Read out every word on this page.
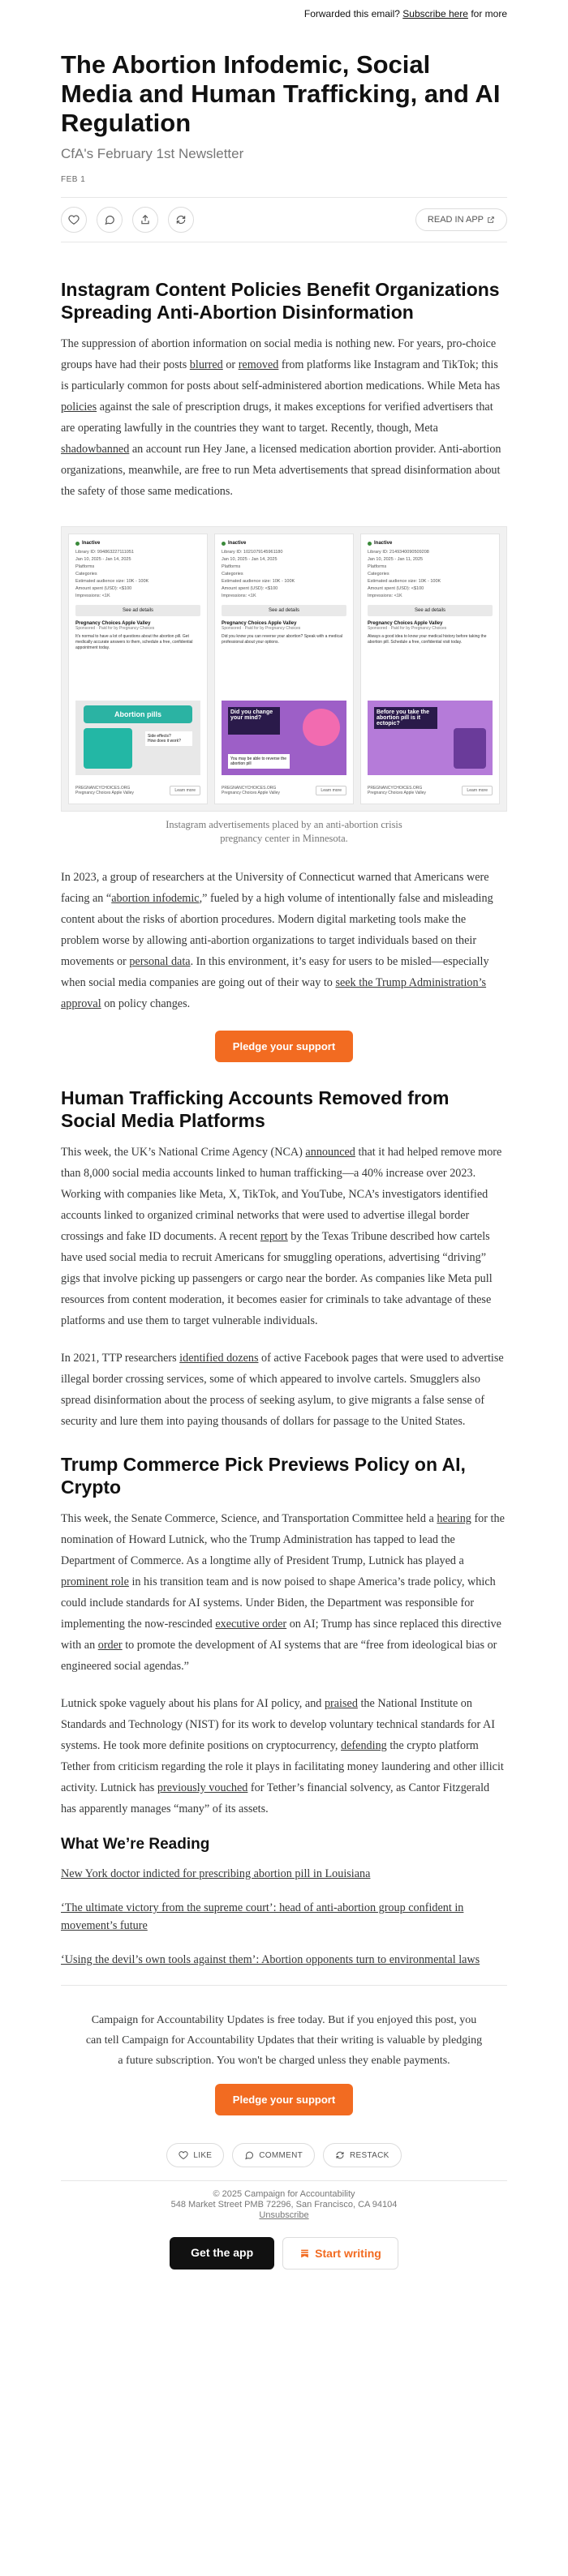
Forwarded this email? Subscribe here for more
The Abortion Infodemic, Social Media and Human Trafficking, and AI Regulation
CfA's February 1st Newsletter
FEB 1
READ IN APP
Instagram Content Policies Benefit Organizations Spreading Anti-Abortion Disinformation

The suppression of abortion information on social media is nothing new. For years, pro-choice groups have had their posts blurred or removed from platforms like Instagram and TikTok; this is particularly common for posts about self-administered abortion medications. While Meta has policies against the sale of prescription drugs, it makes exceptions for verified advertisers that are operating lawfully in the countries they want to target. Recently, though, Meta shadowbanned an account run Hey Jane, a licensed medication abortion provider. Anti-abortion organizations, meanwhile, are free to run Meta advertisements that spread disinformation about the safety of those same medications.

Inactive
Library ID: 994863227111051
Jan 10, 2025 - Jan 14, 2025
Platforms
Categories
Estimated audience size: 10K - 100K
Amount spent (USD): <$100
Impressions: <1K
See ad details
Pregnancy Choices Apple Valley
Sponsored · Paid for by Pregnancy Choices
It's normal to have a lot of questions about the abortion pill. Get medically accurate answers to them, schedule a free, confidential appointment today.
Abortion pills
Side effects?
How does it work?
PREGNANCYCHOICES.ORG
Pregnancy Choices Apple Valley	Learn more
Inactive
Library ID: 1021079145961180
Jan 10, 2025 - Jan 14, 2025
Platforms
Categories
Estimated audience size: 10K - 100K
Amount spent (USD): <$100
Impressions: <1K
See ad details
Pregnancy Choices Apple Valley
Sponsored · Paid for by Pregnancy Choices
Did you know you can reverse your abortion? Speak with a medical professional about your options.
Did you change your mind?
You may be able to reverse the abortion pill
PREGNANCYCHOICES.ORG
Pregnancy Choices Apple Valley	Learn more
Inactive
Library ID: 2149340090509208
Jan 10, 2025 - Jan 11, 2025
Platforms
Categories
Estimated audience size: 10K - 100K
Amount spent (USD): <$100
Impressions: <1K
See ad details
Pregnancy Choices Apple Valley
Sponsored · Paid for by Pregnancy Choices
Always a good idea to know your medical history before taking the abortion pill. Schedule a free, confidential visit today.
Before you take the abortion pill is it ectopic?
PREGNANCYCHOICES.ORG
Pregnancy Choices Apple Valley	Learn more
Instagram advertisements placed by an anti-abortion crisis pregnancy center in Minnesota.

In 2023, a group of researchers at the University of Connecticut warned that Americans were facing an “abortion infodemic,” fueled by a high volume of intentionally false and misleading content about the risks of abortion procedures. Modern digital marketing tools make the problem worse by allowing anti-abortion organizations to target individuals based on their movements or personal data. In this environment, it’s easy for users to be misled—especially when social media companies are going out of their way to seek the Trump Administration’s approval on policy changes.

Pledge your support
Human Trafficking Accounts Removed from Social Media Platforms

This week, the UK’s National Crime Agency (NCA) announced that it had helped remove more than 8,000 social media accounts linked to human trafficking—a 40% increase over 2023. Working with companies like Meta, X, TikTok, and YouTube, NCA’s investigators identified accounts linked to organized criminal networks that were used to advertise illegal border crossings and fake ID documents. A recent report by the Texas Tribune described how cartels have used social media to recruit Americans for smuggling operations, advertising “driving” gigs that involve picking up passengers or cargo near the border. As companies like Meta pull resources from content moderation, it becomes easier for criminals to take advantage of these platforms and use them to target vulnerable individuals.

In 2021, TTP researchers identified dozens of active Facebook pages that were used to advertise illegal border crossing services, some of which appeared to involve cartels. Smugglers also spread disinformation about the process of seeking asylum, to give migrants a false sense of security and lure them into paying thousands of dollars for passage to the United States.

Trump Commerce Pick Previews Policy on AI, Crypto

This week, the Senate Commerce, Science, and Transportation Committee held a hearing for the nomination of Howard Lutnick, who the Trump Administration has tapped to lead the Department of Commerce. As a longtime ally of President Trump, Lutnick has played a prominent role in his transition team and is now poised to shape America’s trade policy, which could include standards for AI systems. Under Biden, the Department was responsible for implementing the now-rescinded executive order on AI; Trump has since replaced this directive with an order to promote the development of AI systems that are “free from ideological bias or engineered social agendas.”

Lutnick spoke vaguely about his plans for AI policy, and praised the National Institute on Standards and Technology (NIST) for its work to develop voluntary technical standards for AI systems. He took more definite positions on cryptocurrency, defending the crypto platform Tether from criticism regarding the role it plays in facilitating money laundering and other illicit activity. Lutnick has previously vouched for Tether’s financial solvency, as Cantor Fitzgerald has apparently manages “many” of its assets.

What We’re Reading

New York doctor indicted for prescribing abortion pill in Louisiana

‘The ultimate victory from the supreme court’: head of anti-abortion group confident in movement’s future

‘Using the devil’s own tools against them’: Abortion opponents turn to environmental laws

Campaign for Accountability Updates is free today. But if you enjoyed this post, you can tell Campaign for Accountability Updates that their writing is valuable by pledging a future subscription. You won't be charged unless they enable payments.
Pledge your support
LIKE	COMMENT	RESTACK
© 2025 Campaign for Accountability
548 Market Street PMB 72296, San Francisco, CA 94104
Unsubscribe
Get the app	Start writing
